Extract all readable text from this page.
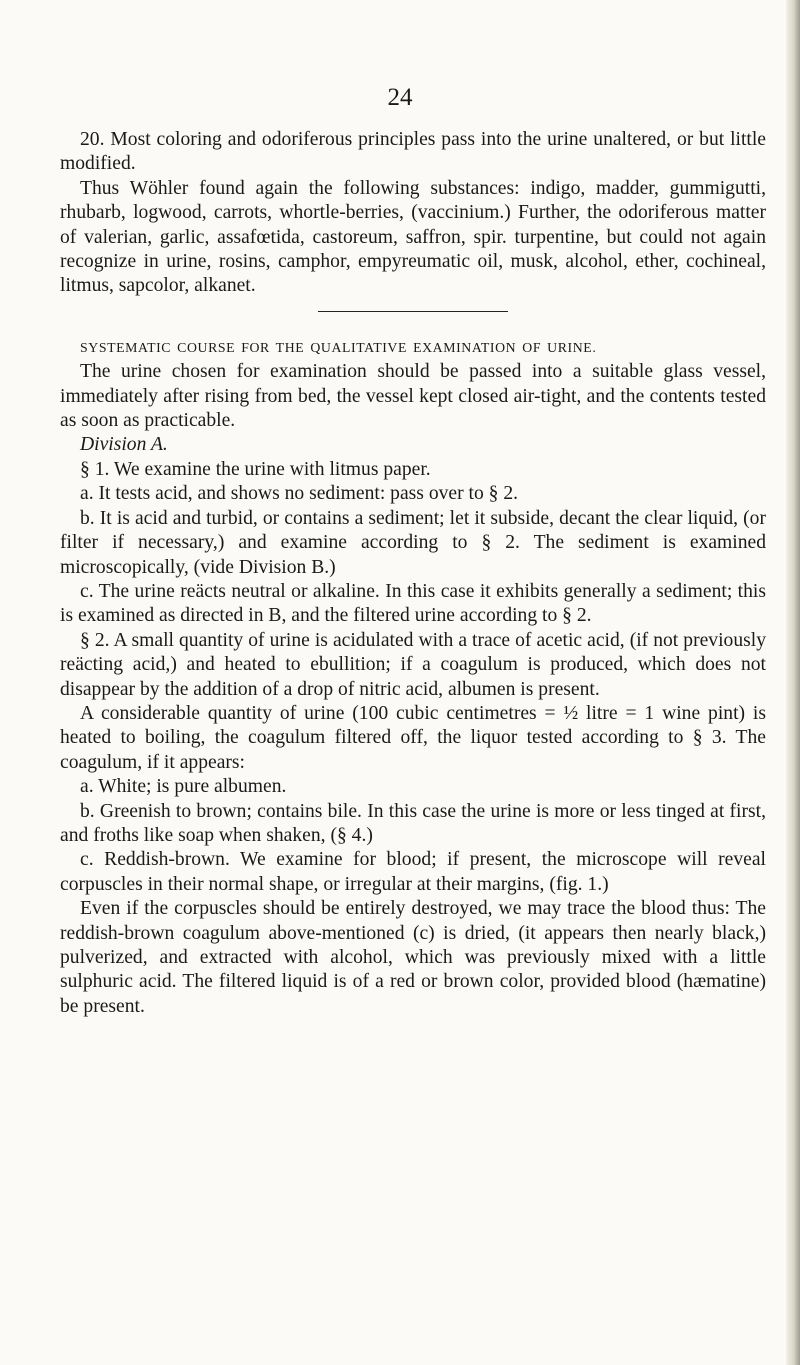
24

20. Most coloring and odoriferous principles pass into the urine unaltered, or but little modified.

Thus Wöhler found again the following substances: indigo, madder, gummigutti, rhubarb, logwood, carrots, whortle-berries, (vaccinium.) Further, the odoriferous matter of valerian, garlic, assafœtida, castoreum, saffron, spir. turpentine, but could not again recognize in urine, rosins, camphor, empyreumatic oil, musk, alcohol, ether, cochineal, litmus, sapcolor, alkanet.

SYSTEMATIC COURSE FOR THE QUALITATIVE EXAMINATION OF URINE.

The urine chosen for examination should be passed into a suitable glass vessel, immediately after rising from bed, the vessel kept closed air-tight, and the contents tested as soon as practicable.

Division A.

§ 1. We examine the urine with litmus paper.

a. It tests acid, and shows no sediment: pass over to § 2.

b. It is acid and turbid, or contains a sediment; let it subside, decant the clear liquid, (or filter if necessary,) and examine according to § 2. The sediment is examined microscopically, (vide Division B.)

c. The urine reäcts neutral or alkaline. In this case it exhibits generally a sediment; this is examined as directed in B, and the filtered urine according to § 2.

§ 2. A small quantity of urine is acidulated with a trace of acetic acid, (if not previously reäcting acid,) and heated to ebullition; if a coagulum is produced, which does not disappear by the addition of a drop of nitric acid, albumen is present.

A considerable quantity of urine (100 cubic centimetres = ½ litre = 1 wine pint) is heated to boiling, the coagulum filtered off, the liquor tested according to § 3. The coagulum, if it appears:

a. White; is pure albumen.

b. Greenish to brown; contains bile. In this case the urine is more or less tinged at first, and froths like soap when shaken, (§ 4.)

c. Reddish-brown. We examine for blood; if present, the microscope will reveal corpuscles in their normal shape, or irregular at their margins, (fig. 1.)

Even if the corpuscles should be entirely destroyed, we may trace the blood thus: The reddish-brown coagulum above-mentioned (c) is dried, (it appears then nearly black,) pulverized, and extracted with alcohol, which was previously mixed with a little sulphuric acid. The filtered liquid is of a red or brown color, provided blood (hæmatine) be present.
